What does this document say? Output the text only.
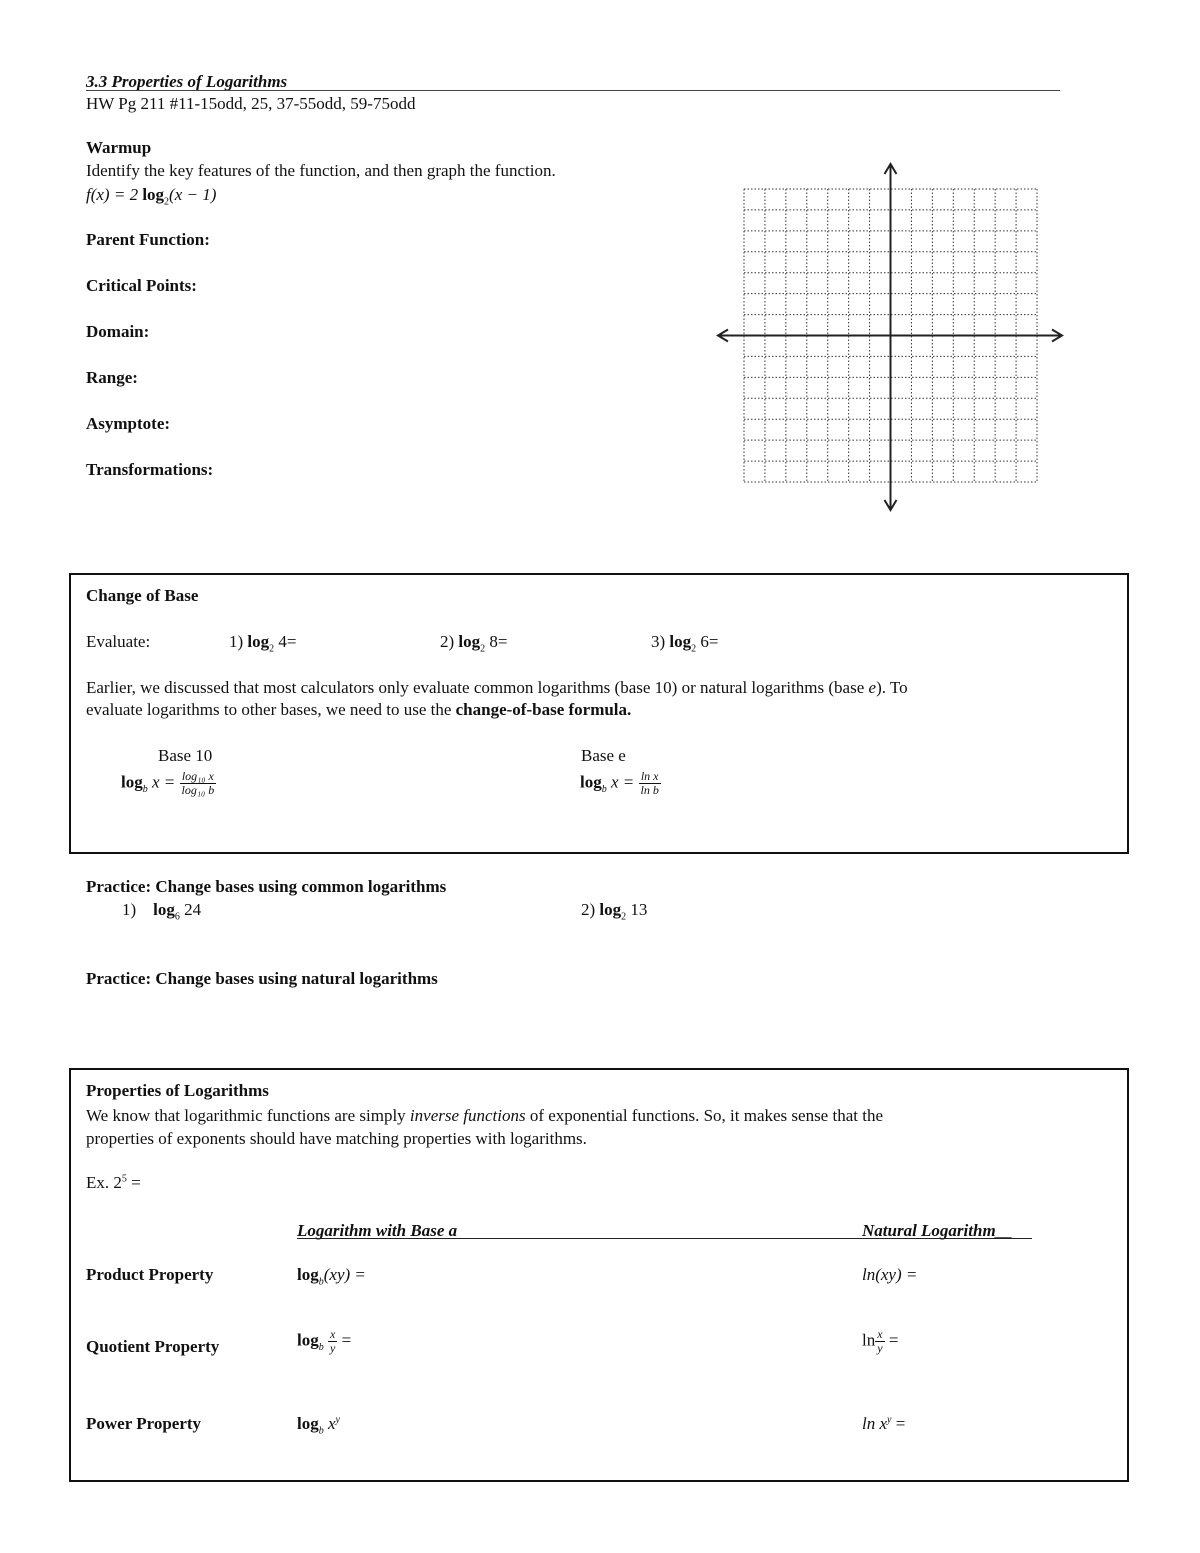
3.3 Properties of Logarithms
HW Pg 211 #11-15odd, 25, 37-55odd, 59-75odd
Warmup
Identify the key features of the function, and then graph the function.
f(x) = 2 $\log_2(x - 1)$
Parent Function:
Critical Points:
Domain:
Range:
Asymptote:
Transformations:
Change of Base
Evaluate:	1) $\log_2 4=$	2) $\log_2 8=$	3) $\log_2 6=$
Earlier, we discussed that most calculators only evaluate common logarithms (base 10) or natural logarithms (base e). To
evaluate logarithms to other bases, we need to use the change-of-base formula.
Base 10
$\log_b x = \frac{\text{log₁₀ x}}{\text{log₁₀ b}}$
Base e
$\log_b x = \frac{\text{ln x}}{\text{ln b}}$
Practice: Change bases using common logarithms
1) $\log_6 24$	2) $\log_2 13$
Practice: Change bases using natural logarithms
Properties of Logarithms
We know that logarithmic functions are simply inverse functions of exponential functions. So, it makes sense that the
properties of exponents should have matching properties with logarithms.
Ex. $2^5$ =
Logarithm with Base a	Natural Logarithm__
Product Property	$\log_b(xy)$ =	ln(xy) =
Quotient Property	$\log_b \frac{x}{y}$ =	$\ln \frac{x}{y}$ =
Power Property	$\log_b x^y$	$\ln x^y$ =
